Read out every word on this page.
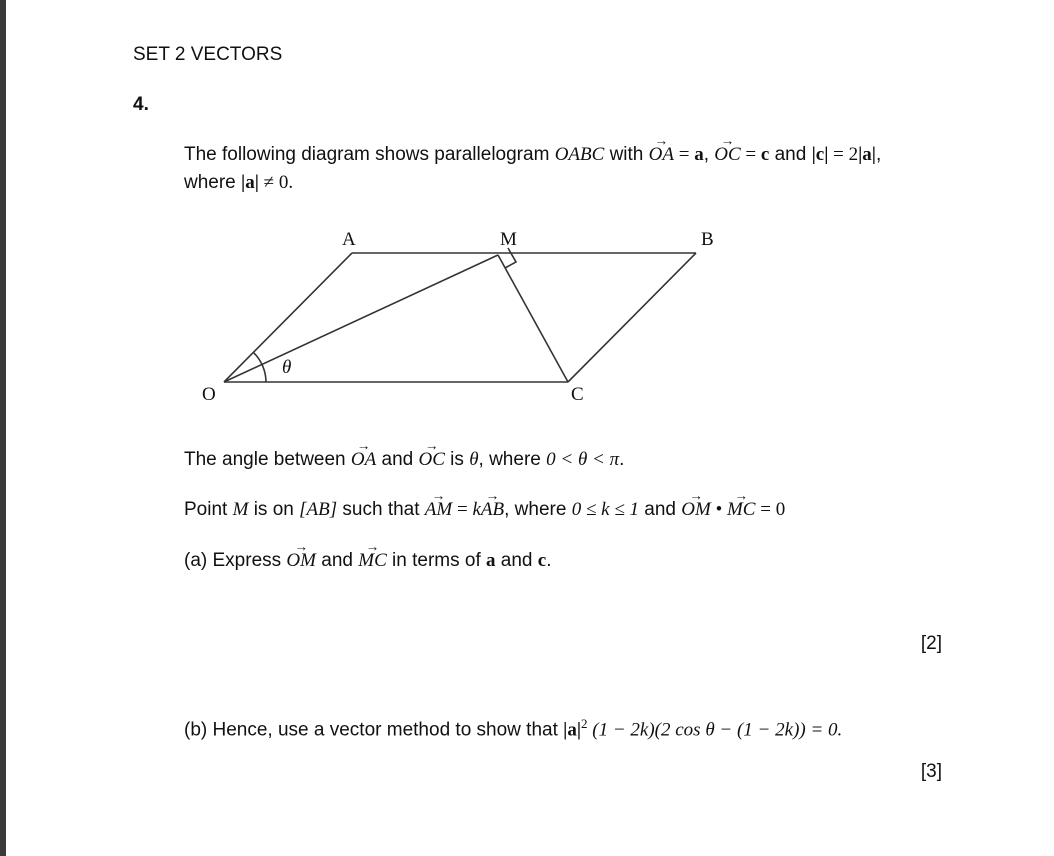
SET 2 VECTORS
4.
The following diagram shows parallelogram OABC with → OA = a, → OC = c and |c| = 2|a|,
where |a| ≠ 0.
A	M	B
O	C
θ
The angle between → OA and → OC is θ, where 0 < θ < π.
Point M is on [AB] such that → AM = k→ AB, where 0 ≤ k ≤ 1 and → OM • → MC = 0
(a) Express → OM and → MC in terms of a and c.
[2]
(b) Hence, use a vector method to show that $|a|^2$ (1 − 2k)(2 cos θ − (1 − 2k)) = 0.
[3]
